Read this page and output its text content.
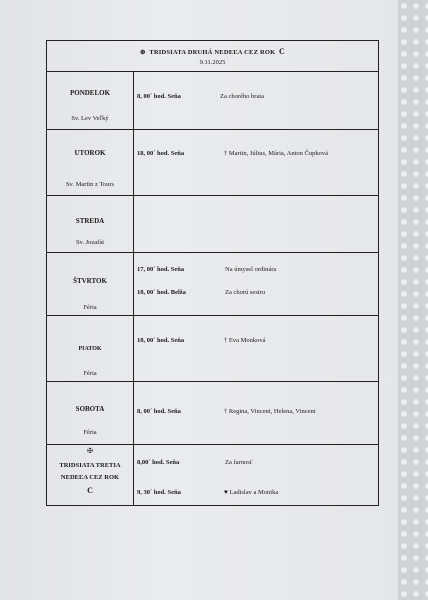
⊕ TRIDSIATA DRUHÁ NEDEĽA CEZ ROK C
9.11.2025
PONDELOK
Sv. Lev Veľký
8, 00´ hod. Seňa	Za chorého brata
UTOROK
Sv. Martin z Tours
18, 00´ hod. Seňa	† Martin, Július, Mária, Anton Čupková
STREDA
Sv. Jozafát
ŠTVRTOK
Féria
17, 00´ hod. Seňa	Na úmysel ordinára
18, 00´ hod. Belža	Za chorú sestru
PIATOK
Féria
18, 00´ hod. Seňa	† Eva Monková
SOBOTA
Féria
8, 00´ hod. Seňa	† Regina, Vincent, Helena, Vincent
✠
TRIDSIATA TRETIA
NEDEĽA CEZ ROK
C
8,00´ hod. Seňa	Za farnosť
9, 30´ hod. Seňa	♥ Ladislav a Monika
